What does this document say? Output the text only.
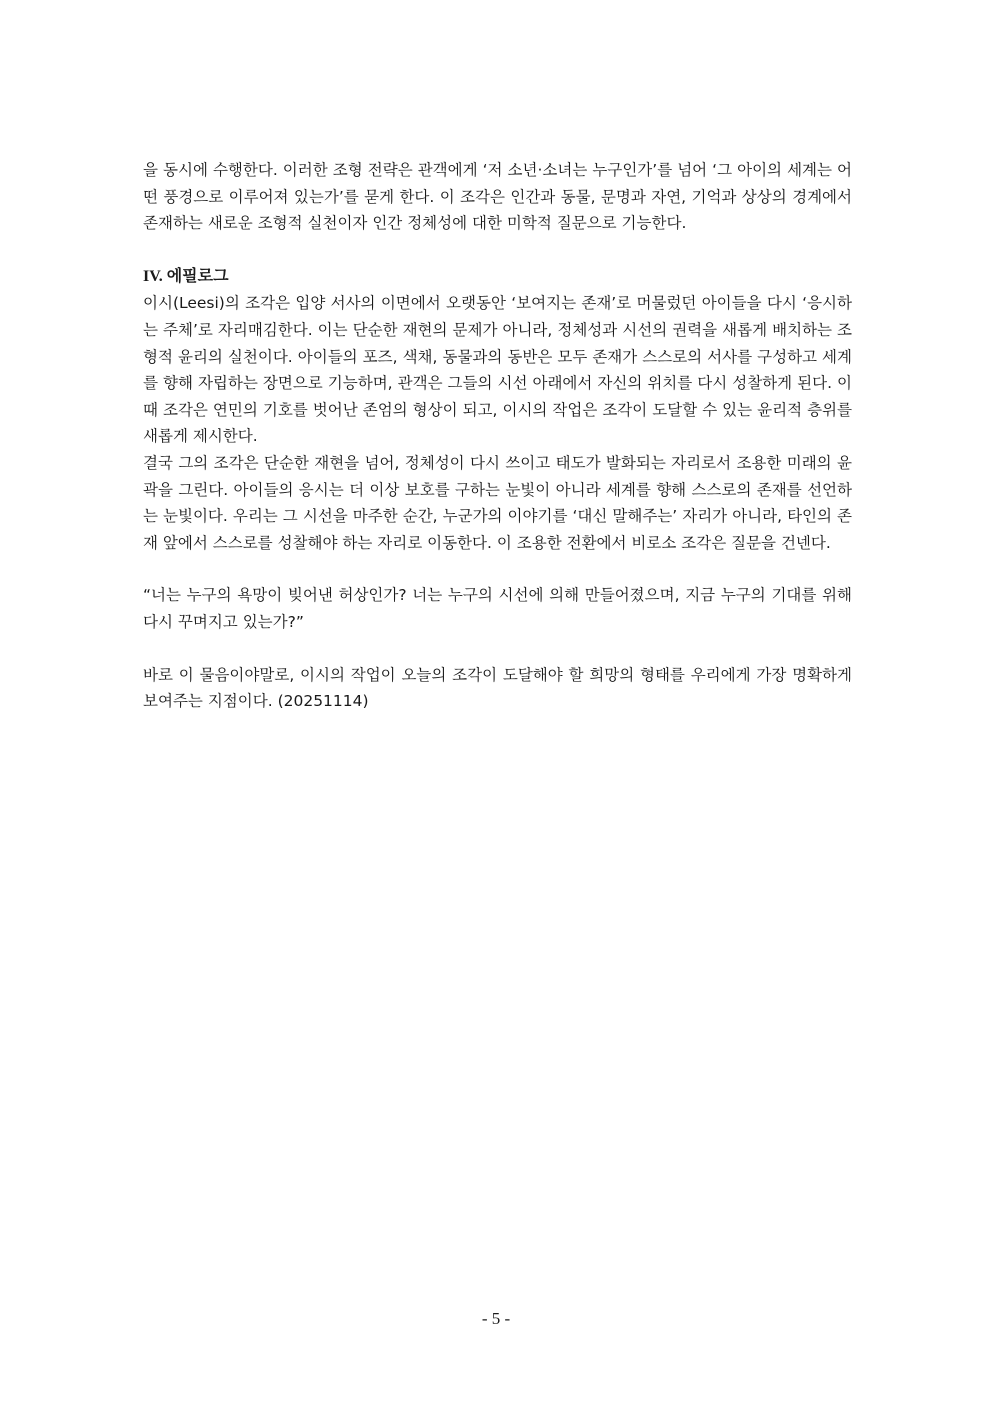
을 동시에 수행한다. 이러한 조형 전략은 관객에게 ‘저 소년·소녀는 누구인가’를 넘어 ‘그 아이의 세계는 어떤 풍경으로 이루어져 있는가’를 묻게 한다. 이 조각은 인간과 동물, 문명과 자연, 기억과 상상의 경계에서 존재하는 새로운 조형적 실천이자 인간 정체성에 대한 미학적 질문으로 기능한다.

IV. 에필로그

이시(Leesi)의 조각은 입양 서사의 이면에서 오랫동안 ‘보여지는 존재’로 머물렀던 아이들을 다시 ‘응시하는 주체’로 자리매김한다. 이는 단순한 재현의 문제가 아니라, 정체성과 시선의 권력을 새롭게 배치하는 조형적 윤리의 실천이다. 아이들의 포즈, 색채, 동물과의 동반은 모두 존재가 스스로의 서사를 구성하고 세계를 향해 자립하는 장면으로 기능하며, 관객은 그들의 시선 아래에서 자신의 위치를 다시 성찰하게 된다. 이때 조각은 연민의 기호를 벗어난 존엄의 형상이 되고, 이시의 작업은 조각이 도달할 수 있는 윤리적 층위를 새롭게 제시한다.

결국 그의 조각은 단순한 재현을 넘어, 정체성이 다시 쓰이고 태도가 발화되는 자리로서 조용한 미래의 윤곽을 그린다. 아이들의 응시는 더 이상 보호를 구하는 눈빛이 아니라 세계를 향해 스스로의 존재를 선언하는 눈빛이다. 우리는 그 시선을 마주한 순간, 누군가의 이야기를 ‘대신 말해주는’ 자리가 아니라, 타인의 존재 앞에서 스스로를 성찰해야 하는 자리로 이동한다. 이 조용한 전환에서 비로소 조각은 질문을 건넨다.

“너는 누구의 욕망이 빚어낸 허상인가? 너는 누구의 시선에 의해 만들어졌으며, 지금 누구의 기대를 위해 다시 꾸며지고 있는가?”

바로 이 물음이야말로, 이시의 작업이 오늘의 조각이 도달해야 할 희망의 형태를 우리에게 가장 명확하게 보여주는 지점이다. (20251114)

- 5 -
